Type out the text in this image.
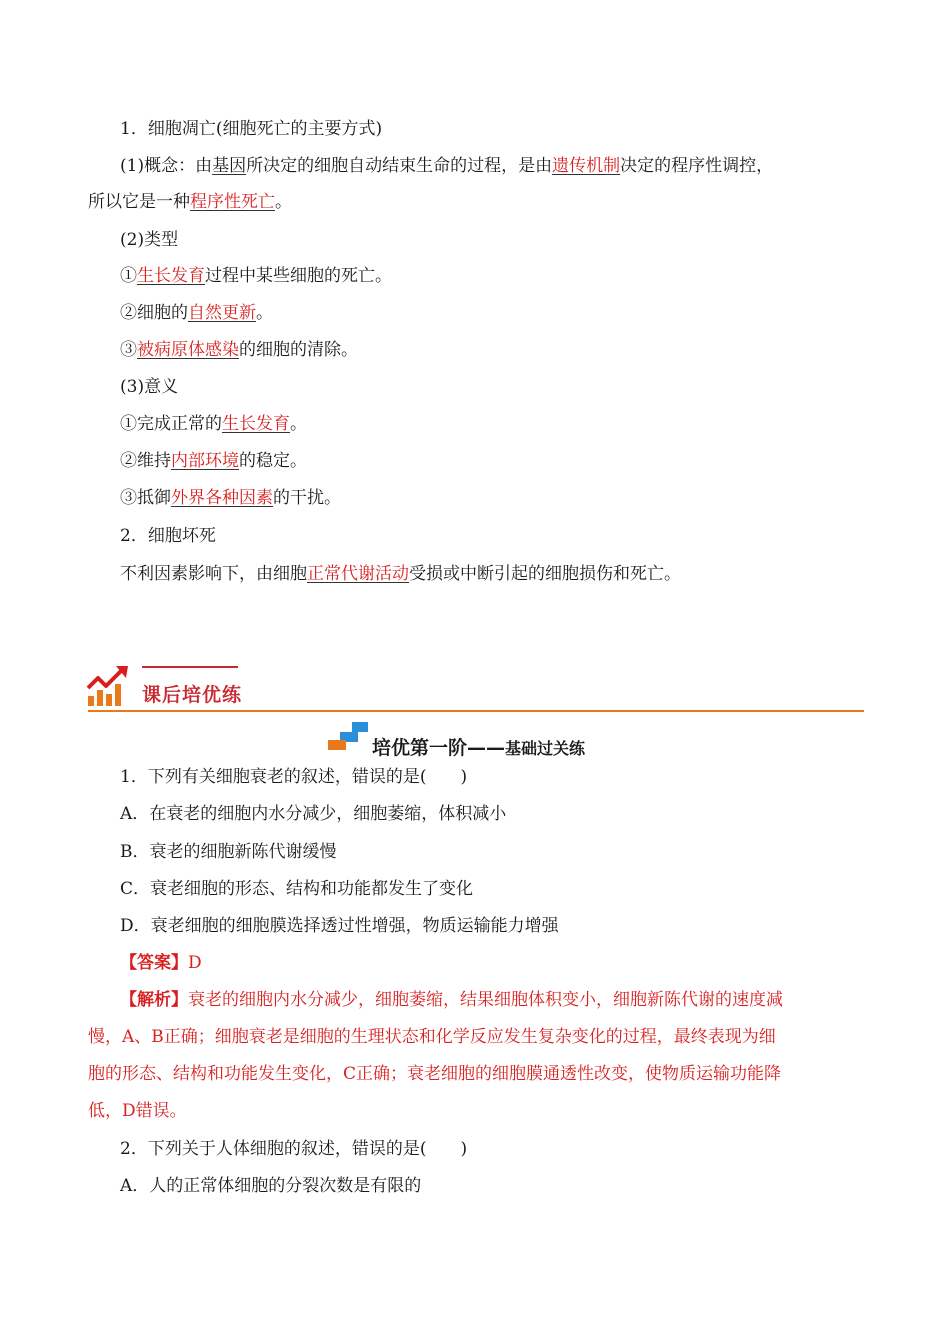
1．细胞凋亡(细胞死亡的主要方式)
(1)概念：由基因所决定的细胞自动结束生命的过程，是由遗传机制决定的程序性调控，
所以它是一种程序性死亡。
(2)类型
①生长发育过程中某些细胞的死亡。
②细胞的自然更新。
③被病原体感染的细胞的清除。
(3)意义
①完成正常的生长发育。
②维持内部环境的稳定。
③抵御外界各种因素的干扰。
2．细胞坏死
不利因素影响下，由细胞正常代谢活动受损或中断引起的细胞损伤和死亡。
课后培优练
培优第一阶——基础过关练
1．下列有关细胞衰老的叙述，错误的是(　　)
A．在衰老的细胞内水分减少，细胞萎缩，体积减小
B．衰老的细胞新陈代谢缓慢
C．衰老细胞的形态、结构和功能都发生了变化
D．衰老细胞的细胞膜选择透过性增强，物质运输能力增强
【答案】D
【解析】衰老的细胞内水分减少，细胞萎缩，结果细胞体积变小，细胞新陈代谢的速度减
慢，A、B正确；细胞衰老是细胞的生理状态和化学反应发生复杂变化的过程，最终表现为细
胞的形态、结构和功能发生变化，C正确；衰老细胞的细胞膜通透性改变，使物质运输功能降
低，D错误。
2．下列关于人体细胞的叙述，错误的是(　　)
A．人的正常体细胞的分裂次数是有限的
